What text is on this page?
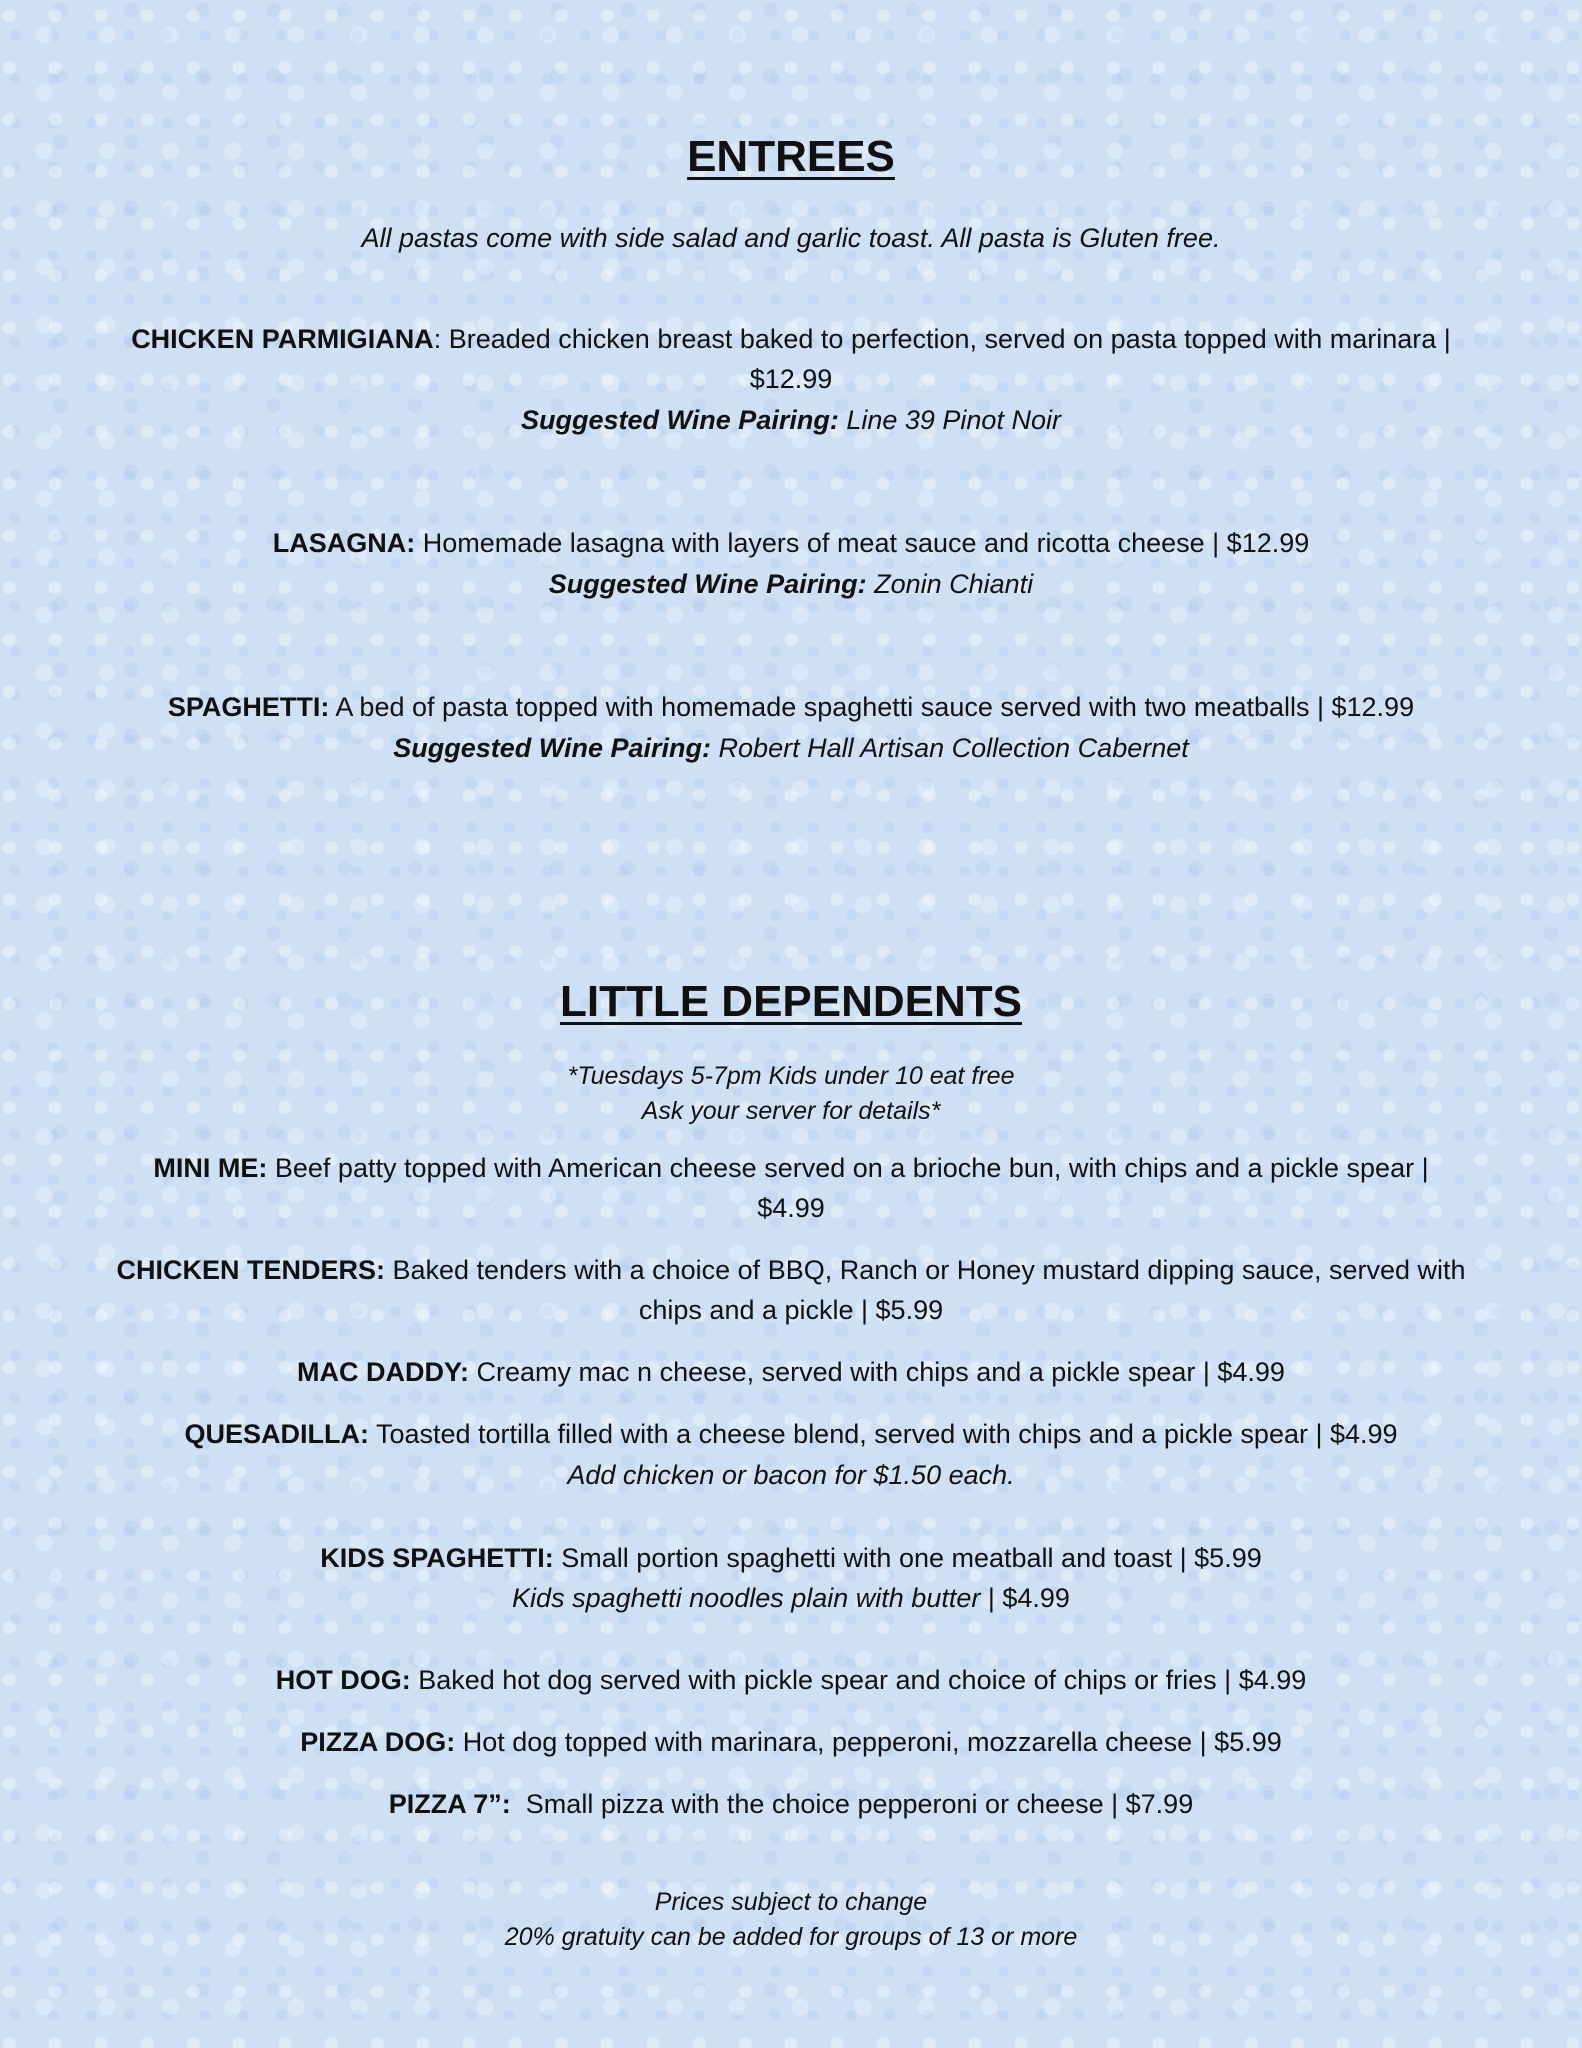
ENTREES

All pastas come with side salad and garlic toast. All pasta is Gluten free.

CHICKEN PARMIGIANA: Breaded chicken breast baked to perfection, served on pasta topped with marinara |

$12.99

Suggested Wine Pairing: Line 39 Pinot Noir

LASAGNA: Homemade lasagna with layers of meat sauce and ricotta cheese | $12.99

Suggested Wine Pairing: Zonin Chianti

SPAGHETTI: A bed of pasta topped with homemade spaghetti sauce served with two meatballs | $12.99

Suggested Wine Pairing: Robert Hall Artisan Collection Cabernet

LITTLE DEPENDENTS

*Tuesdays 5-7pm Kids under 10 eat free

Ask your server for details*

MINI ME: Beef patty topped with American cheese served on a brioche bun, with chips and a pickle spear |

$4.99

CHICKEN TENDERS: Baked tenders with a choice of BBQ, Ranch or Honey mustard dipping sauce, served with

chips and a pickle | $5.99

MAC DADDY: Creamy mac n cheese, served with chips and a pickle spear | $4.99

QUESADILLA: Toasted tortilla filled with a cheese blend, served with chips and a pickle spear | $4.99

Add chicken or bacon for $1.50 each.

KIDS SPAGHETTI: Small portion spaghetti with one meatball and toast | $5.99

Kids spaghetti noodles plain with butter | $4.99

HOT DOG: Baked hot dog served with pickle spear and choice of chips or fries | $4.99

PIZZA DOG: Hot dog topped with marinara, pepperoni, mozzarella cheese | $5.99

PIZZA 7”:  Small pizza with the choice pepperoni or cheese | $7.99

Prices subject to change

20% gratuity can be added for groups of 13 or more
